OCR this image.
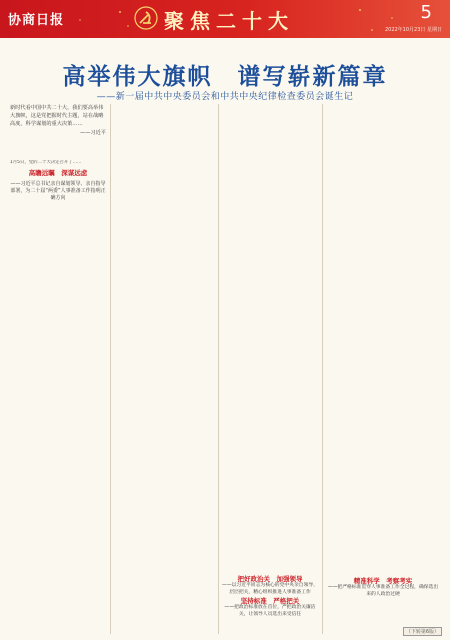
协商日报	聚焦二十大	5
2022年10月23日 星期日
高举伟大旗帜　谱写崭新篇章
——新一届中共中央委员会和中共中央纪律检查委员会诞生记
新时代看中国中共二十大，我们要高举伟大旗帜，这是党把握时代主题，站在战略高度，科学谋划的重大决策……
——习近平

1月5日，党的二十大决定召开了……

高瞻远瞩　深谋远虑
——习近平总书记亲自谋划领导、亲自指导部署，为二十届“两委”人事准备工作指明正确方向
把好政治关　加强领导
——以习近平同志为核心的党中央亲自领导、层层把关，精心组织推进人事准备工作
坚持标准　严格把关
——把政治标准放在首位，严把政治关廉洁关，让领导人员选出来受信任
精准科学　考察考实
——把严格标准贯穿人事准备工作全过程，确保选出来的人政治过硬
（下转第6版）
